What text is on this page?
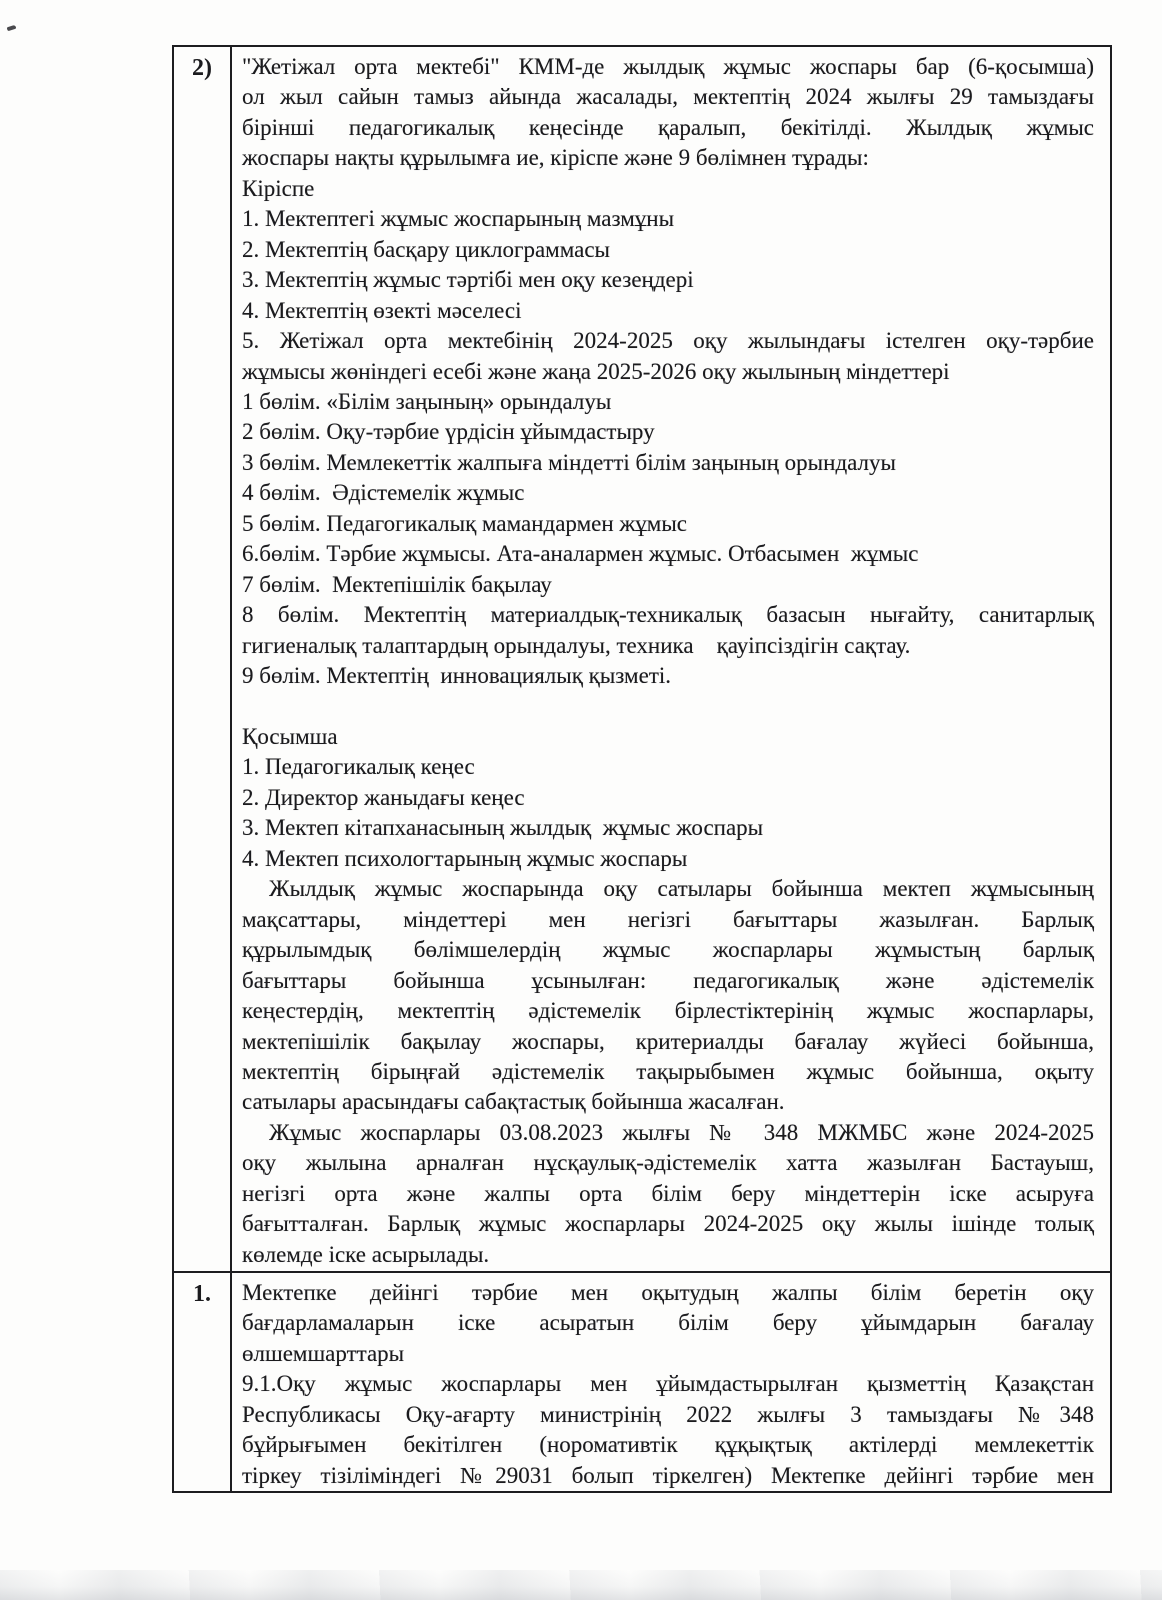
2)	"Жетіжал орта мектебі" КММ-де жылдық жұмыс жоспары бар (6-қосымша)
ол жыл сайын тамыз айында жасалады, мектептің 2024 жылғы 29 тамыздағы
бірінші педагогикалық кеңесінде қаралып, бекітілді. Жылдық жұмыс
жоспары нақты құрылымға ие, кіріспе және 9 бөлімнен тұрады:
Кіріспе
1. Мектептегі жұмыс жоспарының мазмұны
2. Мектептің басқару циклограммасы
3. Мектептің жұмыс тәртібі мен оқу кезеңдері
4. Мектептің өзекті мәселесі
5. Жетіжал орта мектебінің 2024-2025 оқу жылындағы істелген оқу-тәрбие
жұмысы жөніндегі есебі және жаңа 2025-2026 оқу жылының міндеттері
1 бөлім. «Білім заңының» орындалуы
2 бөлім. Оқу-тәрбие үрдісін ұйымдастыру
3 бөлім. Мемлекеттік жалпыға міндетті білім заңының орындалуы
4 бөлім.  Әдістемелік жұмыс
5 бөлім. Педагогикалық мамандармен жұмыс
6.бөлім. Тәрбие жұмысы. Ата-аналармен жұмыс. Отбасымен  жұмыс
7 бөлім.  Мектепішілік бақылау
8 бөлім. Мектептің материалдық-техникалық базасын нығайту, санитарлық
гигиеналық талаптардың орындалуы, техника    қауіпсіздігін сақтау.
9 бөлім. Мектептің  инновациялық қызметі.

Қосымша
1. Педагогикалық кеңес
2. Директор жаныдағы кеңес
3. Мектеп кітапханасының жылдық  жұмыс жоспары
4. Мектеп психологтарының жұмыс жоспары
Жылдық жұмыс жоспарында оқу сатылары бойынша мектеп жұмысының
мақсаттары, міндеттері мен негізгі бағыттары жазылған. Барлық
құрылымдық бөлімшелердің жұмыс жоспарлары жұмыстың барлық
бағыттары бойынша ұсынылған: педагогикалық және әдістемелік
кеңестердің, мектептің әдістемелік бірлестіктерінің жұмыс жоспарлары,
мектепішілік бақылау жоспары, критериалды бағалау жүйесі бойынша,
мектептің бірыңғай әдістемелік тақырыбымен жұмыс бойынша, оқыту
сатылары арасындағы сабақтастық бойынша жасалған.
Жұмыс жоспарлары 03.08.2023 жылғы № 348 МЖМБС және 2024-2025
оқу жылына арналған нұсқаулық-әдістемелік хатта жазылған Бастауыш,
негізгі орта және жалпы орта білім беру міндеттерін іске асыруға
бағытталған. Барлық жұмыс жоспарлары 2024-2025 оқу жылы ішінде толық
көлемде іске асырылады.

1.	Мектепке дейінгі тәрбие мен оқытудың жалпы білім беретін оқу
бағдарламаларын іске асыратын білім беру ұйымдарын бағалау
өлшемшарттары
9.1.Оқу жұмыс жоспарлары мен ұйымдастырылған қызметтің Қазақстан
Республикасы Оқу-ағарту министрінің 2022 жылғы 3 тамыздағы №348
бұйрығымен бекітілген (норомативтік құқықтық актілерді мемлекеттік
тіркеу тізіліміндегі №29031 болып тіркелген) Мектепке дейінгі тәрбие мен
